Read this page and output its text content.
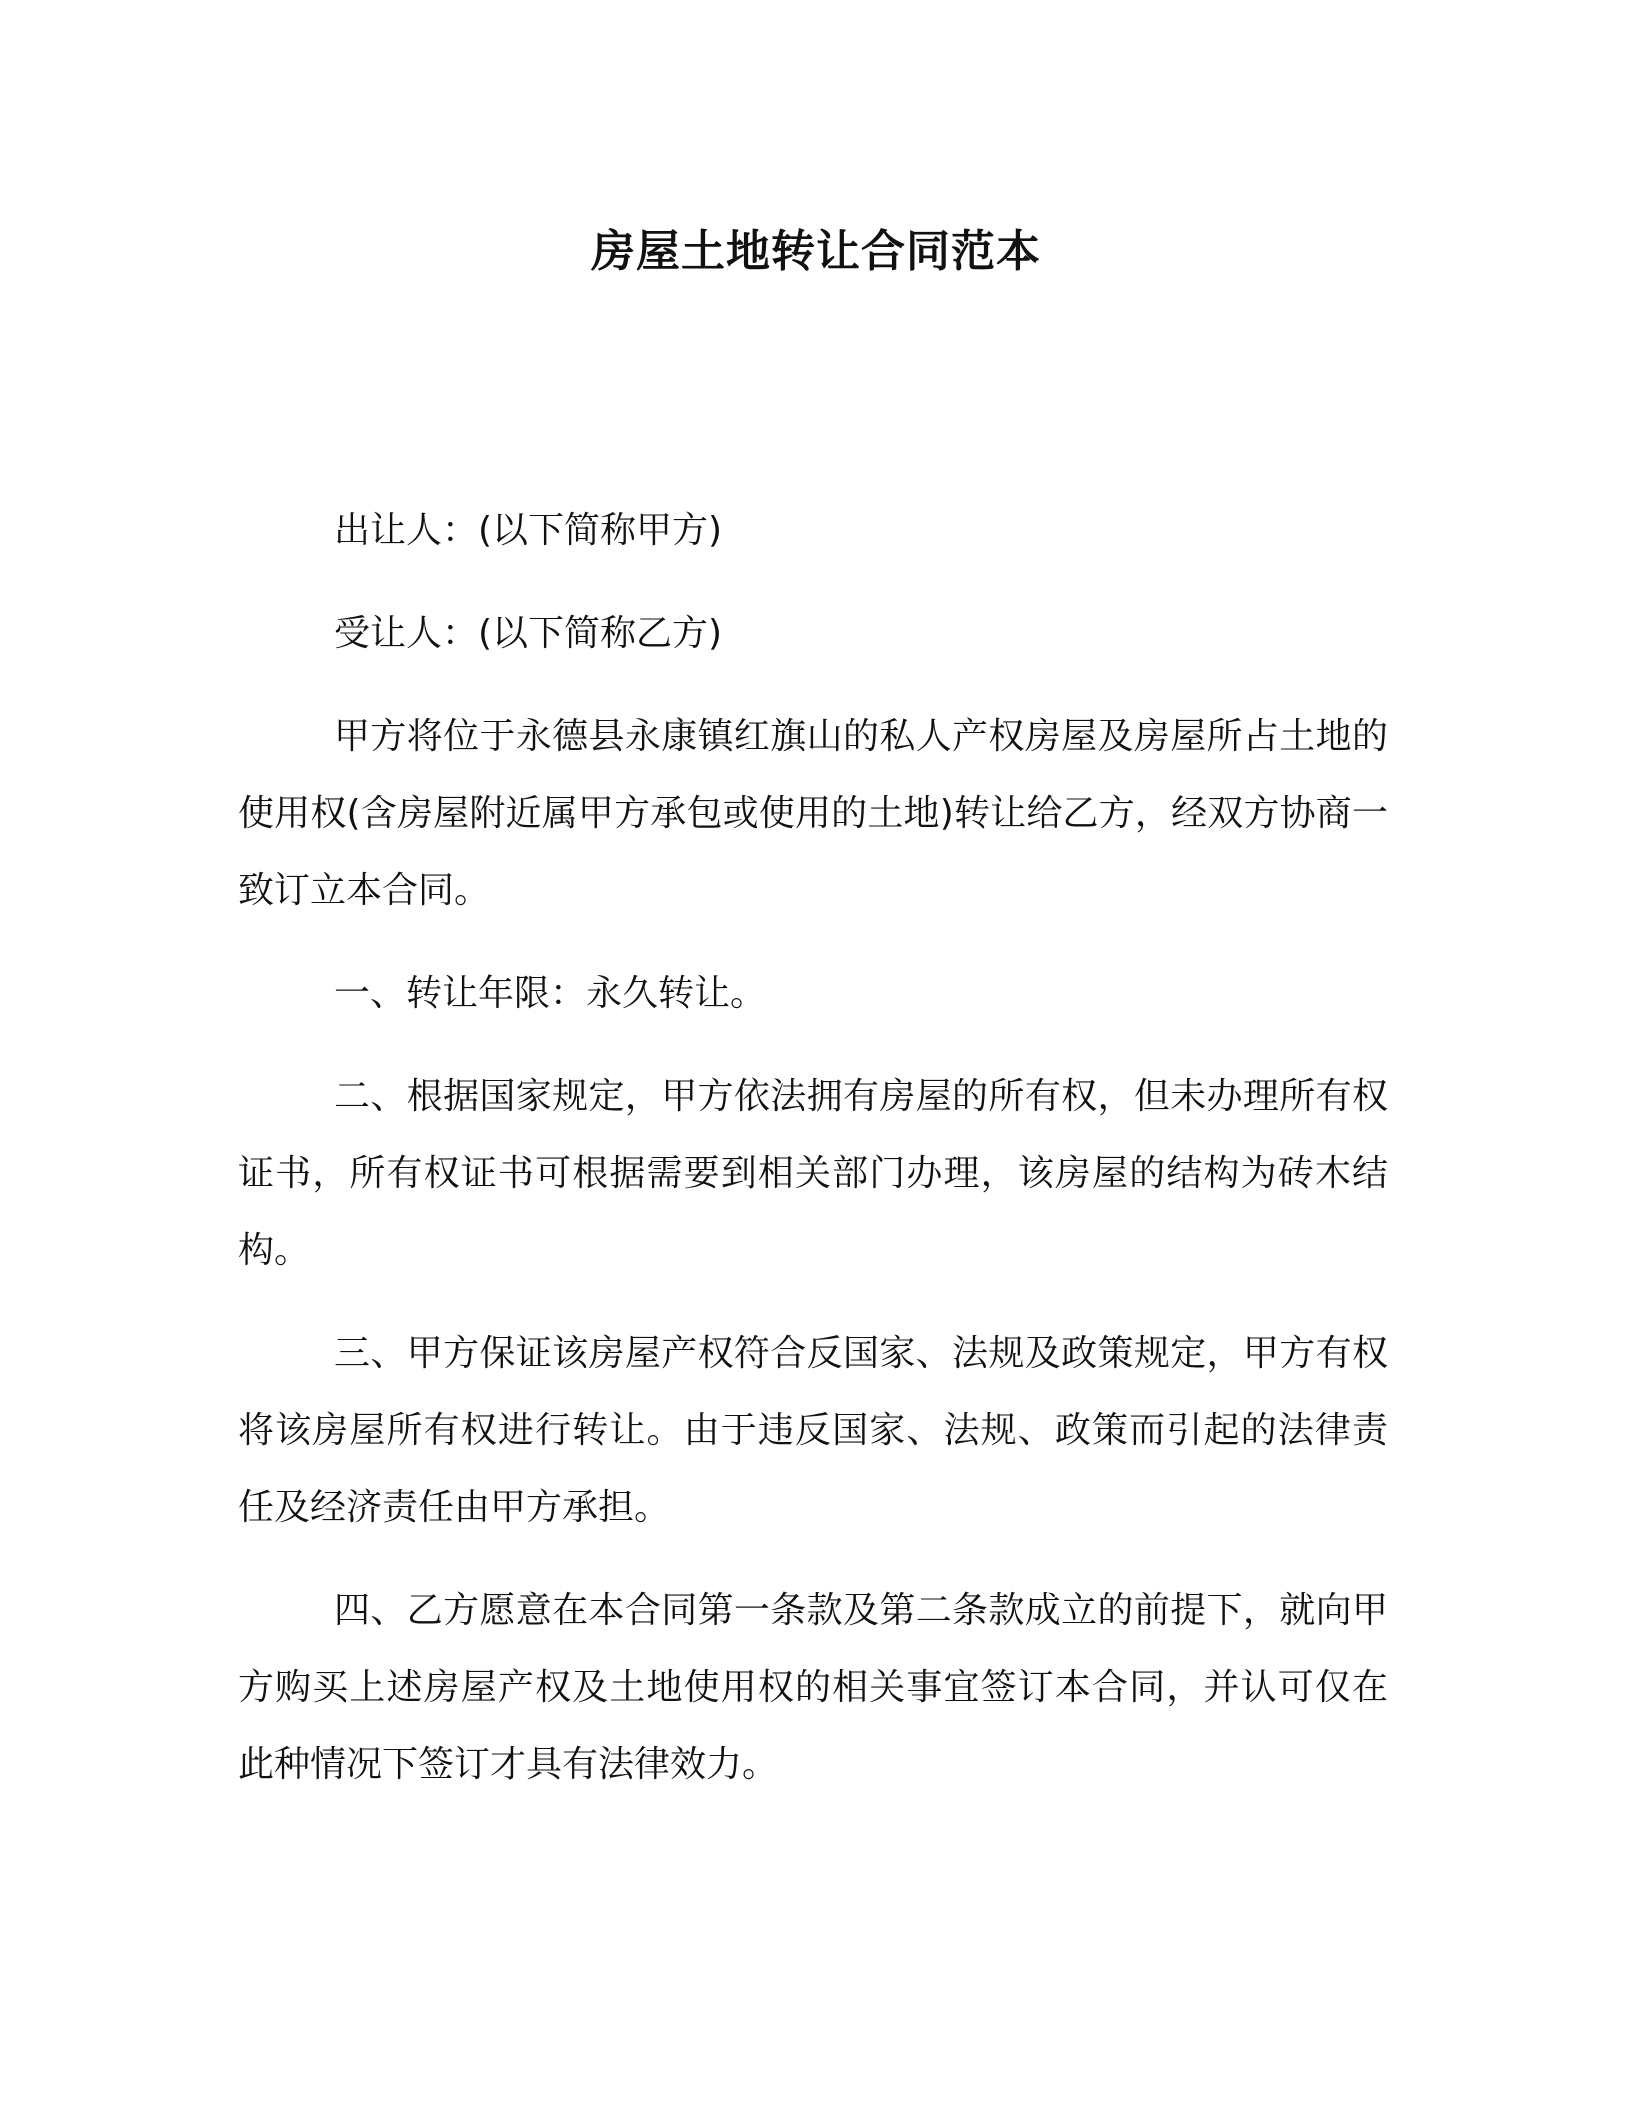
房屋土地转让合同范本

出让人：(以下简称甲方)

受让人：(以下简称乙方)

甲方将位于永德县永康镇红旗山的私人产权房屋及房屋所占土地的使用权(含房屋附近属甲方承包或使用的土地)转让给乙方，经双方协商一致订立本合同。

一、转让年限：永久转让。

二、根据国家规定，甲方依法拥有房屋的所有权，但未办理所有权证书，所有权证书可根据需要到相关部门办理，该房屋的结构为砖木结构。

三、甲方保证该房屋产权符合反国家、法规及政策规定，甲方有权将该房屋所有权进行转让。由于违反国家、法规、政策而引起的法律责任及经济责任由甲方承担。

四、乙方愿意在本合同第一条款及第二条款成立的前提下，就向甲方购买上述房屋产权及土地使用权的相关事宜签订本合同，并认可仅在此种情况下签订才具有法律效力。
